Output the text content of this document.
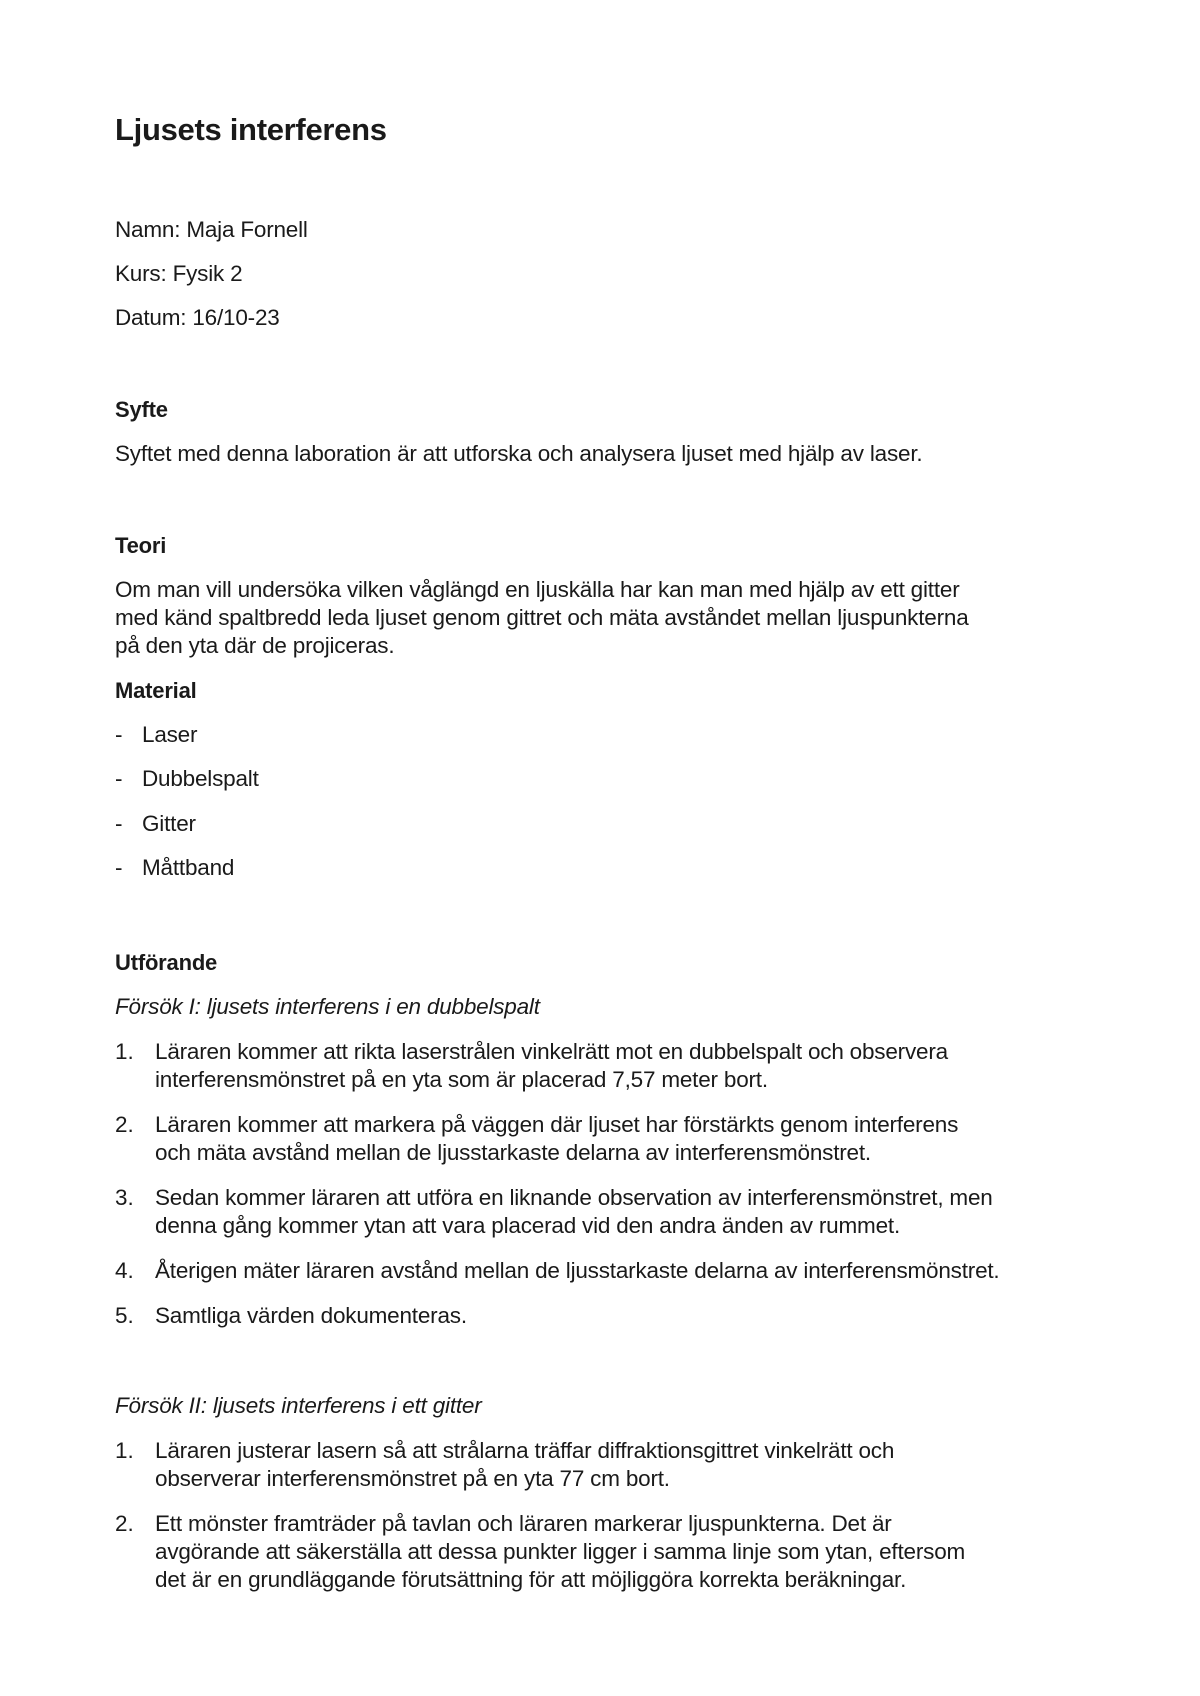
Ljusets interferens

Namn: Maja Fornell

Kurs: Fysik 2

Datum: 16/10-23

Syfte

Syftet med denna laboration är att utforska och analysera ljuset med hjälp av laser.

Teori

Om man vill undersöka vilken våglängd en ljuskälla har kan man med hjälp av ett gitter

med känd spaltbredd leda ljuset genom gittret och mäta avståndet mellan ljuspunkterna

på den yta där de projiceras.

Material

- Laser
- Dubbelspalt
- Gitter
- Måttband

Utförande

Försök I: ljusets interferens i en dubbelspalt

1. Läraren kommer att rikta laserstrålen vinkelrätt mot en dubbelspalt och observera

interferensmönstret på en yta som är placerad 7,57 meter bort.

2. Läraren kommer att markera på väggen där ljuset har förstärkts genom interferens

och mäta avstånd mellan de ljusstarkaste delarna av interferensmönstret.

3. Sedan kommer läraren att utföra en liknande observation av interferensmönstret, men

denna gång kommer ytan att vara placerad vid den andra änden av rummet.

4. Återigen mäter läraren avstånd mellan de ljusstarkaste delarna av interferensmönstret.

5. Samtliga värden dokumenteras.

Försök II: ljusets interferens i ett gitter

1. Läraren justerar lasern så att strålarna träffar diffraktionsgittret vinkelrätt och

observerar interferensmönstret på en yta 77 cm bort.

2. Ett mönster framträder på tavlan och läraren markerar ljuspunkterna. Det är

avgörande att säkerställa att dessa punkter ligger i samma linje som ytan, eftersom

det är en grundläggande förutsättning för att möjliggöra korrekta beräkningar.
